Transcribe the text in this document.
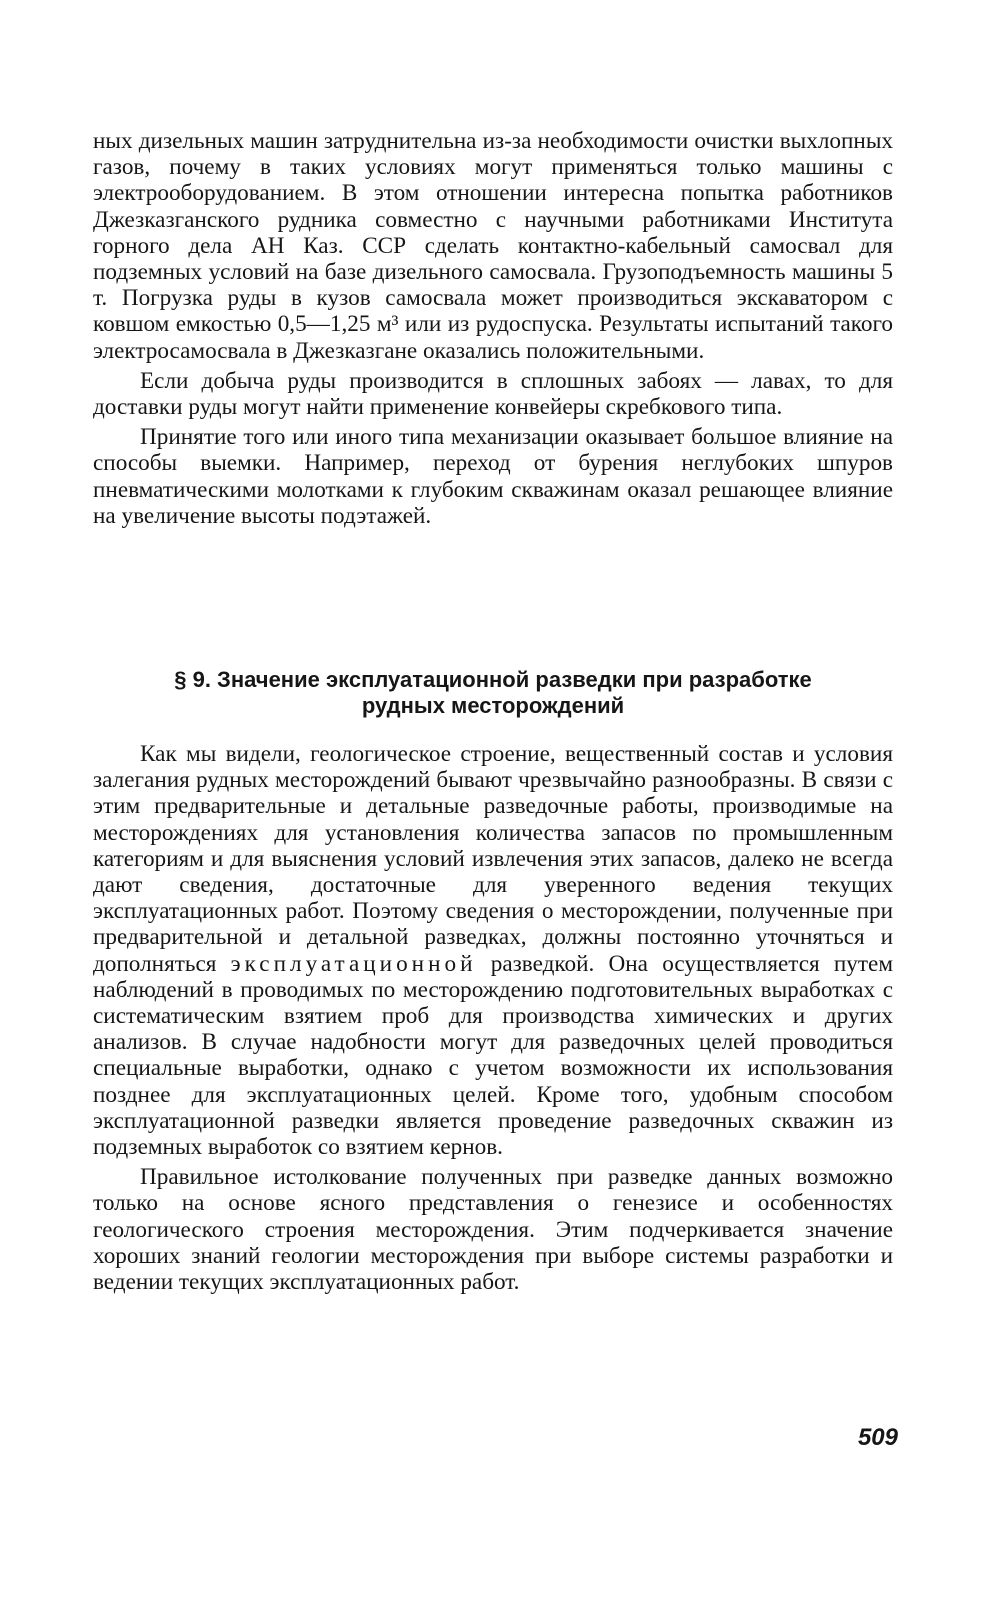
ных дизельных машин затруднительна из-за необходимости очистки выхлопных газов, почему в таких условиях могут применяться только машины с электрооборудованием. В этом отношении интересна попытка работников Джезказганского рудника совместно с научными работниками Института горного дела АН Каз. ССР сделать контактно-кабельный самосвал для подземных условий на базе дизельного самосвала. Грузоподъемность машины 5 т. Погрузка руды в кузов самосвала может производиться экскаватором с ковшом емкостью 0,5—1,25 м³ или из рудоспуска. Результаты испытаний такого электросамосвала в Джезказгане оказались положительными.

Если добыча руды производится в сплошных забоях — лавах, то для доставки руды могут найти применение конвейеры скребкового типа.

Принятие того или иного типа механизации оказывает большое влияние на способы выемки. Например, переход от бурения неглубоких шпуров пневматическими молотками к глубоким скважинам оказал решающее влияние на увеличение высоты подэтажей.

§ 9. Значение эксплуатационной разведки при разработке
рудных месторождений

Как мы видели, геологическое строение, вещественный состав и условия залегания рудных месторождений бывают чрезвычайно разнообразны. В связи с этим предварительные и детальные разведочные работы, производимые на месторождениях для установления количества запасов по промышленным категориям и для выяснения условий извлечения этих запасов, далеко не всегда дают сведения, достаточные для уверенного ведения текущих эксплуатационных работ. Поэтому сведения о месторождении, полученные при предварительной и детальной разведках, должны постоянно уточняться и дополняться эксплуатационной разведкой. Она осуществляется путем наблюдений в проводимых по месторождению подготовительных выработках с систематическим взятием проб для производства химических и других анализов. В случае надобности могут для разведочных целей проводиться специальные выработки, однако с учетом возможности их использования позднее для эксплуатационных целей. Кроме того, удобным способом эксплуатационной разведки является проведение разведочных скважин из подземных выработок со взятием кернов.

Правильное истолкование полученных при разведке данных возможно только на основе ясного представления о генезисе и особенностях геологического строения месторождения. Этим подчеркивается значение хороших знаний геологии месторождения при выборе системы разработки и ведении текущих эксплуатационных работ.

509
